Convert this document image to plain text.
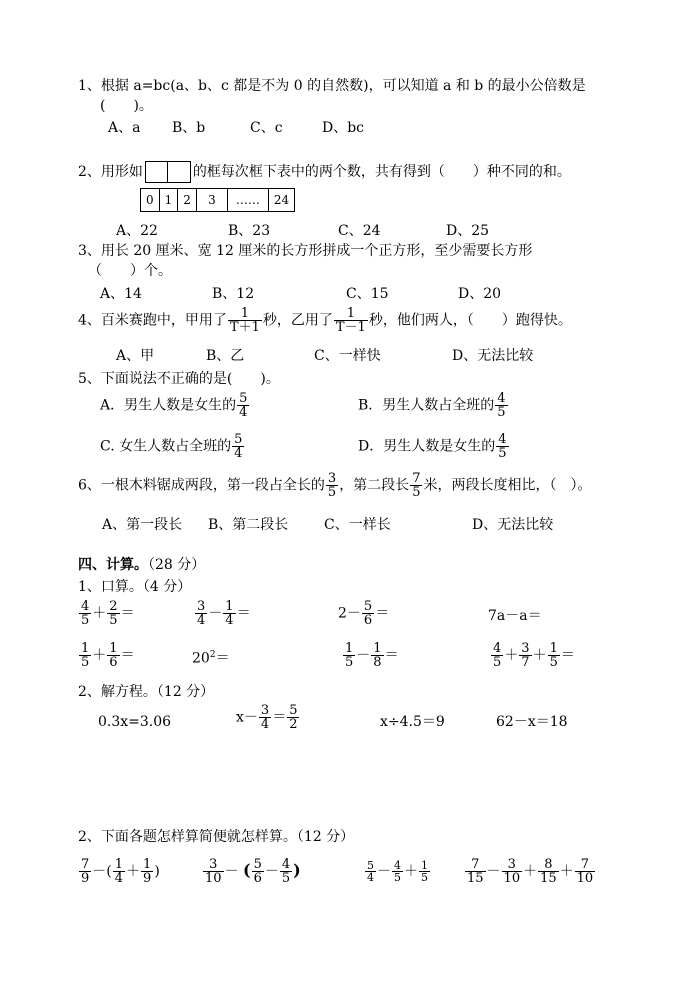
1、根据 a=bc(a、b、c 都是不为 0 的自然数)，可以知道 a 和 b 的最小公倍数是
(　　)。
A、a B、b	C、c	D、bc
2、用形如	的框每次框下表中的两个数，共有得到（　　）种不同的和。
0	1	2	3	……	24
A、22	B、23	C、24	D、25
3、用长 20 厘米、宽 12 厘米的长方形拼成一个正方形，至少需要长方形
（　　）个。
A、14	B、12	C、15	D、20
4、百米赛跑中，甲用了 $\frac{1}{T+1}$ 秒，乙用了 $\frac{1}{T-1}$ 秒，他们两人，（　　）跑得快。
A、甲	B、乙	C、一样快	D、无法比较
5、下面说法不正确的是(　　)。
A．男生人数是女生的 $\frac{5}{4}$	B．男生人数占全班的 $\frac{4}{5}$
C. 女生人数占全班的 $\frac{5}{4}$	D．男生人数是女生的 $\frac{4}{5}$
6、一根木料锯成两段，第一段占全长的 $\frac{3}{5}$ ，第二段长 $\frac{7}{5}$ 米，两段长度相比，（　）。
A、第一段长 B、第二段长	C、一样长	D、无法比较
四、计算。（28 分）
1、口算。（4 分）
$\frac{4}{5} + \frac{2}{5}$ ＝	$\frac{3}{4} - \frac{1}{4}$ ＝	$2- \frac{5}{6}$ ＝	7a－a＝
$\frac{1}{5} + \frac{1}{6}$ ＝	$20^2=$	$\frac{1}{5} - \frac{1}{8}$ ＝	$\frac{4}{5} + \frac{3}{7} + \frac{1}{5}$ ＝
2、解方程。（12 分）
0.3x=3.06	$x- \frac{3}{4} = \frac{5}{2}$	x÷4.5＝9	62－x＝18
2、下面各题怎样算简便就怎样算。（12 分）
$\frac{7}{9}$ －( $\frac{1}{4} + \frac{1}{9}$ )	$\frac{3}{10}$ － ( $\frac{5}{6} - \frac{4}{5}$ )	$\frac{5}{4} - \frac{4}{5} + \frac{1}{5}$	$\frac{7}{15} - \frac{3}{10} + \frac{8}{15} + \frac{7}{10}$
